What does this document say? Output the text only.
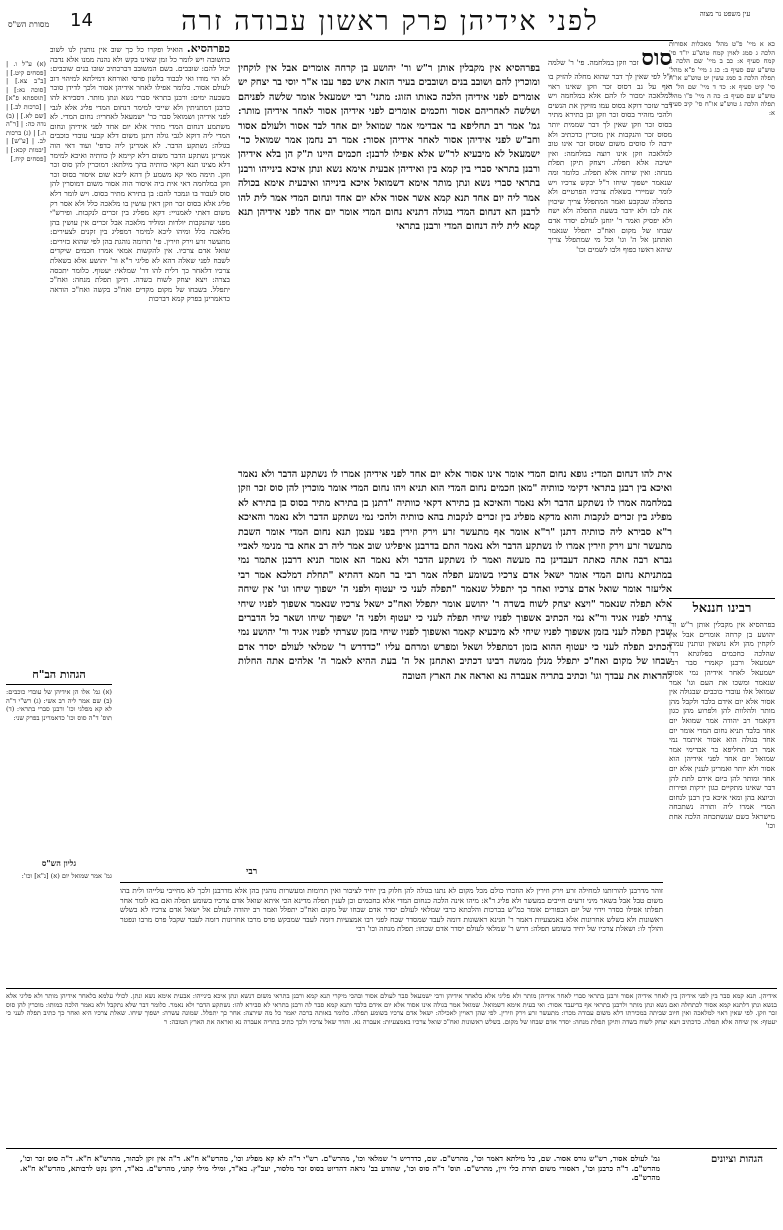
לפני אידיהן פרק ראשון עבודה זרה
14	עין משפט נר מצוה
מסורת הש"ס
כא א מיי' פ"ט מהל' מאכלות אסורות הלכה ג סמג לאוין קמח טוש"ע יו"ד סי' קמח סעיף א: כב ב מיי' שם הלכה ב טוש"ע שם סעיף ב: כג ג מיי' פ"א מהל' תפלה הלכה ב סמג עשין יט טוש"ע או"ח סי' קיט סעיף א: כד ד מיי' שם הל' ד טוש"ע שם סעיף ב: כה ה מיי' פ"ו מהל' תפלה הלכה ג טוש"ע או"ח סי' קיב סעיף א:
רבינו חננאל
בפרהסיא אין מקבלין אותן ר"ש ור' יהושע בן קרחה אומרים אבל אין לוקחין מהן ולא נושאין ונותנין עמהן שהלכה כחכמים בפלוגתא דר' ישמעאל ורבנן קאמרי סבר רבי ישמעאל לאחר אידיהן נמי אסור שנאמר ומשכו את העם וגו' אמר שמואל אלו עובדי כוכבים שבגולה אין אסור אלא יום אידם בלבד ולקבל מהן מותר ולהלוות להן ולפרוע מהן כגון דקאמר רב יהודה אמר שמואל יום אחד בלבד תניא נחום המדי אומר יום אחד בגולה הוא אסור איתמר נמי אמר רב תחליפא בר אבדימי אמר שמואל יום אחד לפני אידיהן הוא אסור ולא יותר ואמרינן לענין אלא יום אחד ומותר להן ביום אידם לתת להן דבר שאינו מתקיים כגון ירקות ופירות וכיוצא בהן ומאי איכא בין רבנן לנחום המדי אמרו ליה ותורה נשתכחה מישראל כשם שנשתכחה הלכה אחת וכו'
(א) ע"ל ו. | [פסחים קיט.] | [ב"ב צא.] | [סוכה נא:] | [תוספתא פ"א] | [ברכות לב.] | [שם לא.] | (ב) נדה כה: | [ר"ה ה.] | (ג) ברכות לב. | [ע"ש] | [יבמות קכא:] | [פסחים קיח.]
הגהות הב"ח
(א) גמ' אלו הן אידיהן של עובדי כוכבים: (ב) שם אמר ליה רב אשי: (ג) רש"י ד"ה לא קא מפלגי וכו' ורבנן סברי בתראי: (ד) תוס' ד"ה סוס וכו' כדאמרינן בפרק שני:
גליון הש"ס
גמ' אמר שמואל יום (א) [נ"א] וכו':
כפרהסיא. הואיל ופקרו כל כך שוב אין נותנין לנו לשוב בתשובה ויש לומר כל זמן שאינו בקש ולא נהנה ממנו אלא נדבה יכול להם: שובבים. בשם המשובב דברכתיב שובו בנים שובבים: לא הוי מודו ואי לכבוד בלשון פרסי ואורחא דמילתא למיהוי דוב לעולם אסור. כלומר אפילו לאחר אידיהן אסור ולכך לדידן סובר בשבעה ימים: ורבנן בתראי סברי נשא ונתן מותר. דסבירא להו כרבנן דמתניתין ולא שייכי למימר דנחום המדי פליג אלא לגבי לפני אידיהן ושמואל סבר כר' ישמעאל לאחריו: נחום המדי. לא משתמע דנחום המדי מתיר אלא יום אחד לפני אידיהן ונחום המדי ליה דוקא לגבי גולה דתנן משום דלא קבעי עובדי כוכבים בגולה: נשתקע הדבר. לא אמרינן ליה כדפי' ועוד דאי הוה אמרינן נשתקע הדבר משום דלא קיימא לן כוותיה ואיכא למימר דלא מצינו תנא דקאי כוותיה בהך מילתא: דמוכרין להן סוס זכר וזקן. תימה מאי קא משמע לן דהא ליכא שום איסור בסוס זכר וזקן במלחמה דאי אית ביה איסור הוה אסור משום דמוסרין להן סוס לעבוד בו ונמכר להם: בן בתירא מתיר בסוס. ויש לומר דלא פליג אלא בסוס זכר וזקן דאין עושין בו מלאכה כלל ולא אסר רק משום דאתי לאמנויי: דקא מפליג בין זכרים לנקבות. ופירש"י מפני שהנקבות יולדות ומוליד מלאכה אבל זכרים אין עושין בהן מלאכה כלל ומיהו ליכא למימר דמפליג בין זקנים לצעירים: מתעשר זרע וירק וזירין. פי' תרומה נוהגת בהן לפי שהוא כזירים: שואל אדם צרכיו. אין להקשות אמאי אמרו חכמים שיקדים לשבח לפני שאלה דהא לא פליגי ר"א ור' יהושע אלא בשאלת צרכיו דלאחר כך דלית להו דר' שמלאי: יעטוף. כלומר יתכסה בצרה: ויצא יצחק לשוח בשדה. תיקן תפלת מנחה: ואח"כ יתפלל. בשבחו של מקום מקדים ואח"כ בקשה ואח"כ הודאה כדאמרינן בפרק קמא דברכות
סוס זכר וזקן במלחמה. פי' ר' שלמה ז"ל לפי שאין לך דבר שהוא מחלה להזיק בו ואף על גב דסוס זכר וזקן שאינו ראוי למלאכה ימכור לו להם אלא במלחמה ויש דבר שזכר דוקא בסוס עמו מזיקין את הנשים ולהכי מזהיר בסוס זכר וזקן ובן בתירא מתיר בסוס זכר וזקן שאין לך דבר שממית יותר מסוס זכר והנקבות אין מוכרין כדכתיב ולא ירבה לו סוסים משום שסוס זכר אינו טוב למלאכה וזקן אינו רוצה במלחמה: ואין ישיבה אלא תפלה. ויצחק תיקן תפלת מנחה: ואין שיחה אלא תפלה. כלומר ומה שנאמר ישפוך שיחו ר"ל יבקש צרכיו ויש לומר שמיירי בשאלת צרכיו הפרטיים ולא בתפלה שבקבע ואמר המתפלל צריך שיכוין את לבו ולא ידבר בשעת התפלה ולא ישח ולא יפסיק ואמר ר' יוחנן לעולם יסדר אדם שבחו של מקום ואח"כ יתפלל שנאמר ואתחנן אל ה' וגו' וכל מי שמתפלל צריך שיהא ראשו כפוף ולבו לשמים וכו'
בפרהסיא אין מקבלין אותן ר"ש ור' יהושע בן קרחה אומרים אבל אין לוקחין ומוכרין להם ושובב בנים ושובבים בעיר הזאת איש כפר עבו א"ר יוסי בר יצחק יש אומרים לפני אידיהן הלכה כאותו הזוג: מתני' רבי ישמעאל אומר שלשה לפניהם ושלשה לאחריהם אסור וחכמים אומרים לפני אידיהן אסור לאחר אידיהן מותר: גמ' אמר רב תחליפא בר אבדימי אמר שמואל יום אחד לבד אסור ולעולם אסור וחב"ש לפני אידיהן אסור לאחר אידיהן אסור: אמר רב נחמן אמר שמואל כר' ישמעאל לא מיבעיא לר"ש אלא אפילו לרבנן: חכמים היינו ת"ק הן בלא אידיהן ורבנן בתראי סברי בין קמא בין ואידיהן אבעית אימא נשא ונתן איכא בינייהו ורבנן בתראי סברי נשא ונתן מותר אימא דשמואל איכא בינייהו ואיבעית אימא בכולה אמר ליה יום אחד תנא קמא אשר אסור אלא יום אחד ונחום המדי אמר לית להו לרבנן הא דנחום המדי בגולה דתניא נחום המדי אומר יום אחד לפני אידיהן תנא קמא לית ליה דנחום המדי ורבנן בתראי
אית להו דנחום המדי: גופא נחום המדי אומר אינו אסור אלא יום אחד לפני אידיהן אמרו לו נשתקע הדבר ולא נאמר ואיכא בין רבנן בתראי דקימי כוותיה "מאן חכמים נחום המדי הוא תניא ויהו נחום המדי אומר מוכרין להן סוס זכר וזקן במלחמה אמרו לו נשתקע הדבר ולא נאמר והאיכא בן בתירא דקאי כוותיה "דתנן בן בתירא מתיר בסוס בן בתירא לא מפליג בין זכרים לנקבות והוא מדקא מפליג בין זכרים לנקבות בהא כוותיה ולהכי נמי נשתקע הדבר ולא נאמר והאיכא ר"א סבירא ליה כוותיה דתנן "ר"א אומר אף מתעשר זרע וירק וזירין בפני עצמן תנא נחום המדי אומר השבת מתעשר זרע וירק וזירין אמרו לו נשתקע הדבר ולא נאמר התם בדרבנן איפליגו שוב אמר ליה רב אחא בר מנימי לאביי גברא רבה אתה כאתה דעבדינן בה מעשה ואמר לו נשתקע הדבר ולא נאמר הא אומר תניא דרבנן אתמר נמי במתניתא נחום המדי אומר ישאל אדם צרכיו בשומע תפלה אמר רבי בר חמא דהתיא "תחלת דמלכא אמר רבי אליעזר אומר שואל אדם צרכיו ואחר כך יתפלל שנאמר "תפלה לעני כי יעטוף ולפני ה' ישפוך שיחו וגו' אין שיחה אלא תפלה שנאמר "ויצא יצחק לשוח בשדה ר' יהושע אומר יתפלל ואח"כ ישאל צרכיו שנאמר אשפוך לפניו שיחי צרתי לפניו אגיד ור"א נמי הכתיב אשפוך לפניו שיחי תפלה לעני כי יעטוף ולפני ה' ישפוך שיחו ושאר כל הדברים שבין תפלה לעני בזמן אשפוך לפניו שיחי לא מיבעיא קאמר ואשפוך לפניו שיחי בזמן שצרתי לפניו אגיד ור' יהושע נמי הכתיב תפלה לעני כי יעטוף ההוא בזמן דמתפלל ושאל ומפרש ומרחם עליו "כדדרש ר' שמלאי לעולם יסדר אדם שבחו של מקום ואח"כ יתפלל מנלן ממשה רבינו דכתיב ואתחנן אל ה' בעת ההיא לאמר ה' אלהים אתה החלות להראות את עבדך וגו' וכתיב בתריה אעברה נא ואראה את הארץ הטובה
רבי
זוהר מדרבנן להורותנו למחילה זרע וירק וזירין לא הוזכרו כולם מכל מקום לא נתנו בגולה להן חלוק בין יחיד לציבור ואין תרומות ומעשרות נוהגין בהן אלא מדרבנן ולכך לא מחייבי עלייהו ולית בהו משום טבל אבל בשאר מיני זרעים חייבים במעשר ולא פליג ר"א: מיהו אינה הלכה כנחום המדי אלא כחכמים וכן לענין תפלה מדינא הכי איתא שואל אדם צרכיו בשומע תפלה ואם בא לומר אחר תפלתו אפילו כסדר וידוי של יום הכפורים אומר כמ"ש בברכות והלכתא כרבי שמלאי לעולם יסדר אדם שבחו של מקום ואח"כ יתפלל ואמר רב יהודה לעולם אל ישאל אדם צרכיו לא בשלש ראשונות ולא בשלש אחרונות אלא באמצעיות דאמר ר' חנינא ראשונות דומה לעבד שמסדר שבח לפני רבו אמצעיות דומה לעבד שמבקש פרס מרבו אחרונות דומה לעבד שקבל פרס מרבו ונפטר והולך לו: ושאלת צרכיו של יחיד בשומע תפלה: דרש ר' שמלאי לעולם יסדר אדם שבחו: תפלת מנחה וכו' רבי
אידיהן. תנא קמא סבר בין לפני אידיהן בין לאחר אידיהן אסור ורבנן בתראי סברי לאחר אידיהן מותר ולא פליגי אלא בלאחר אידיהן ורבי ישמעאל סבר לעולם אסור ובהכי מיקרי תנא קמא ורבנן בתראי משום דנשא ונתן איכא בינייהו: אבעית אימא נשא ונתן. לכולי עלמא בלאחר אידיהן מותר ולא פליגי אלא בנשא ונתן דלתנא קמא אסור לכתחלה ואם נשא ונתן מותר ולרבנן בתראי אף בדיעבד אסור: ואי בעית אימא דשמואל. שמואל אמר בגולה אינו אסור אלא יום אידם בלבד ותנא קמא סבר לה ורבנן בתראי לא סבירא להו: נשתקע הדבר ולא נאמר. כלומר דבר שלא נתקבל ולא נאמר הלכה כמותו: מוכרין להן סוס זכר וזקן. לפי שאין ראוי למלאכה ואין חיוב שביתה במכירתו דלא משום עבודה מכרו: מתעשר זרע וירק וזירין. לפי שהן ראויין לאכילה: ישאל אדם צרכיו בשומע תפלה. כלומר באותה ברכה יאמר כל מה שירצה: אחר כך יתפלל. שמונה עשרה: ישפוך שיחו. שאלת צרכיו היא ואחר כך כתיב תפלה לעני כי יעטוף: אין שיחה אלא תפלה. כדכתיב ויצא יצחק לשוח בשדה ותיקן תפלת מנחה: יסדר אדם שבחו של מקום. בשלש ראשונות ואח"כ שואל צרכיו באמצעיות: אעברה נא. והדר שאל צרכיו ולכך כתיב בתריה אעברה נא ואראה את הארץ הטובה: ר
הגהות וציונים
גמ' לעולם אסור, רש"ש גורס אסור. שם, כל מילתא דאמר וכו', מהרש"ם. שם, כדדריש ר' שמלאי וכו', מהרש"ם. רש"י ד"ה לא קא מפליג וכו', מהרש"א ח"א. ד"ה אין זקן לכהור, מהרש"א ח"א. ד"ה סוס זכר וכו', מהרש"ם. ד"ה כרבנן וכו', דאסורי משום תורת כלי זיין, מהרש"ם. תוס' ד"ה סוס וכו', שהודע בב' נראה דהדיוט בסוס זכר מלסור, יעב"ץ. בא"ד, ומילי מילי קתני, מהרש"ם. בא"ד, דוקן נקט לרבותא, מהרש"א ח"א. מהרש"ם.
